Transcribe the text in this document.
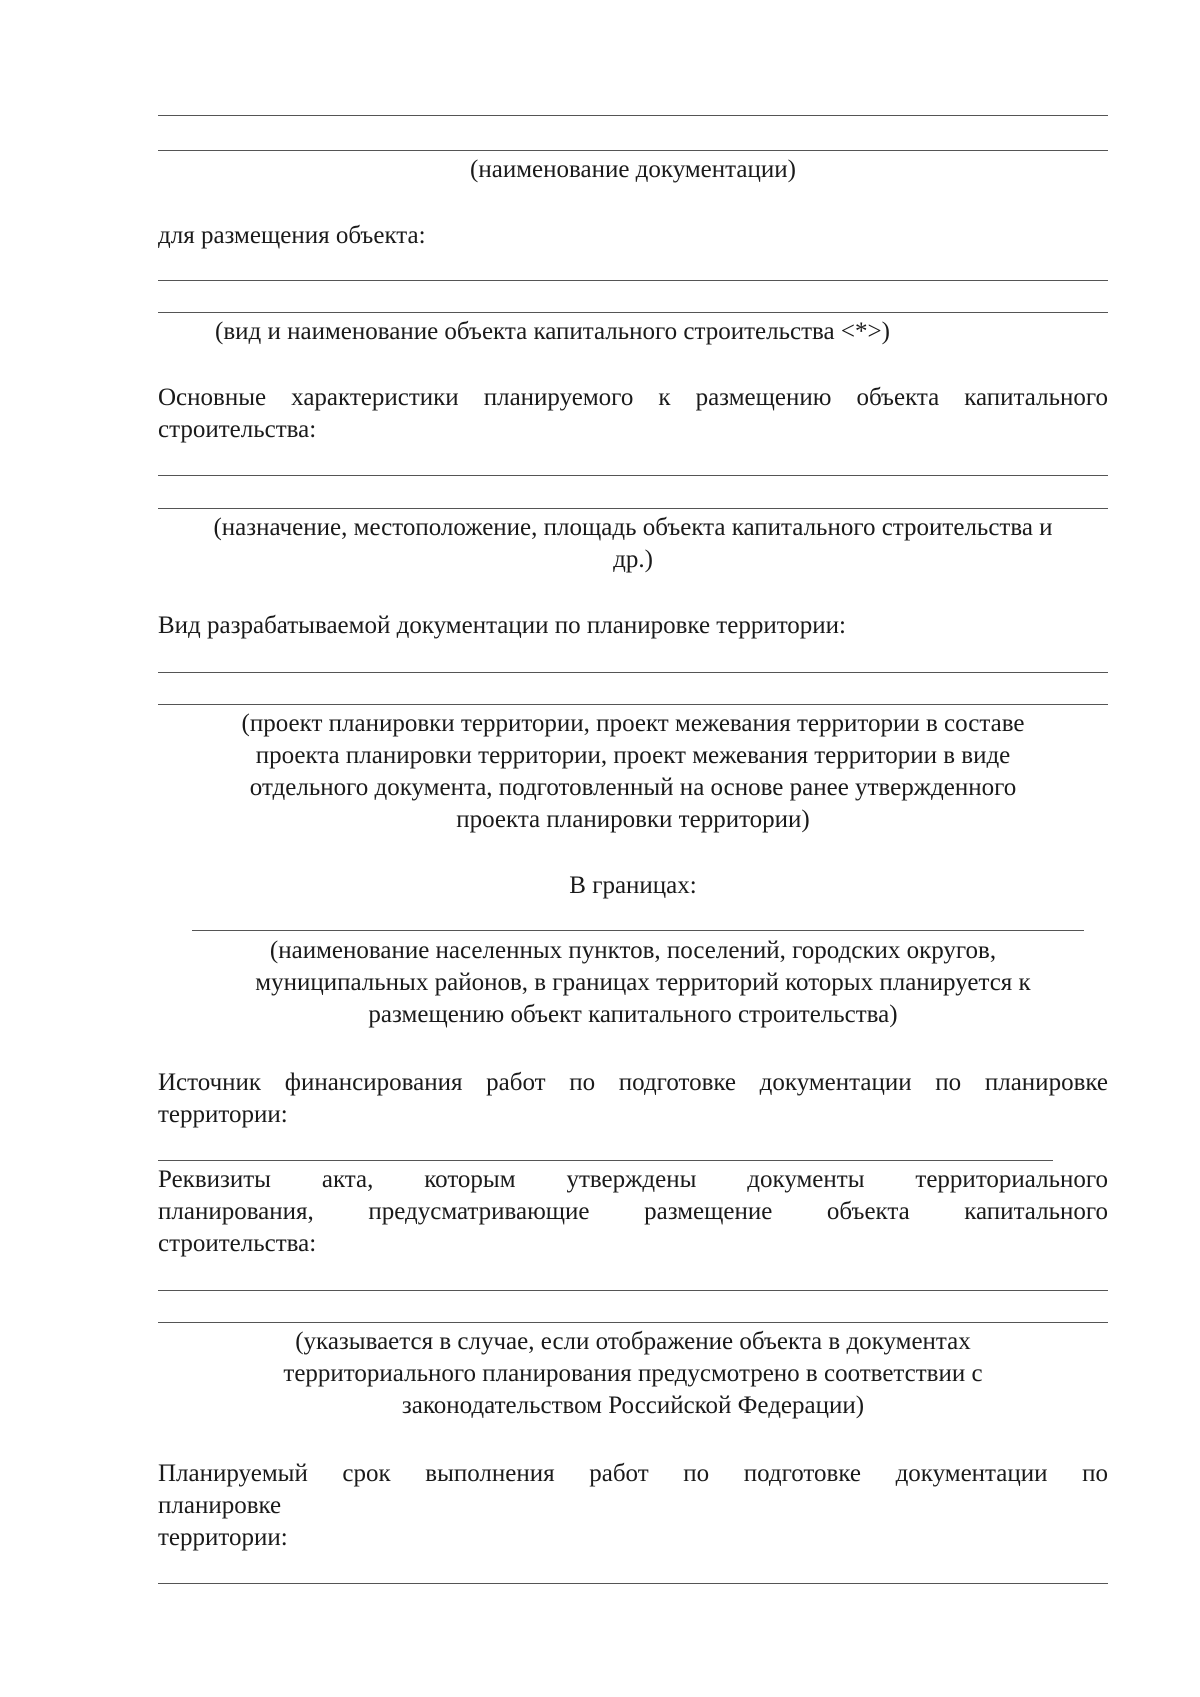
(наименование документации)
для размещения объекта:
(вид и наименование объекта капитального строительства <*>)
Основные характеристики планируемого к размещению объекта капитального
строительства:
(назначение, местоположение, площадь объекта капитального строительства и
др.)
Вид разрабатываемой документации по планировке территории:
(проект планировки территории, проект межевания территории в составе
проекта планировки территории, проект межевания территории в виде
отдельного документа, подготовленный на основе ранее утвержденного
проекта планировки территории)
В границах:
(наименование населенных пунктов, поселений, городских округов,
муниципальных районов, в границах территорий которых планируется к
размещению объект капитального строительства)
Источник финансирования работ по подготовке документации по планировке
территории:
Реквизиты акта, которым утверждены документы территориального
планирования, предусматривающие размещение объекта капитального
строительства:
(указывается в случае, если отображение объекта в документах
территориального планирования предусмотрено в соответствии с
законодательством Российской Федерации)
Планируемый срок выполнения работ по подготовке документации по
планировке
территории:
